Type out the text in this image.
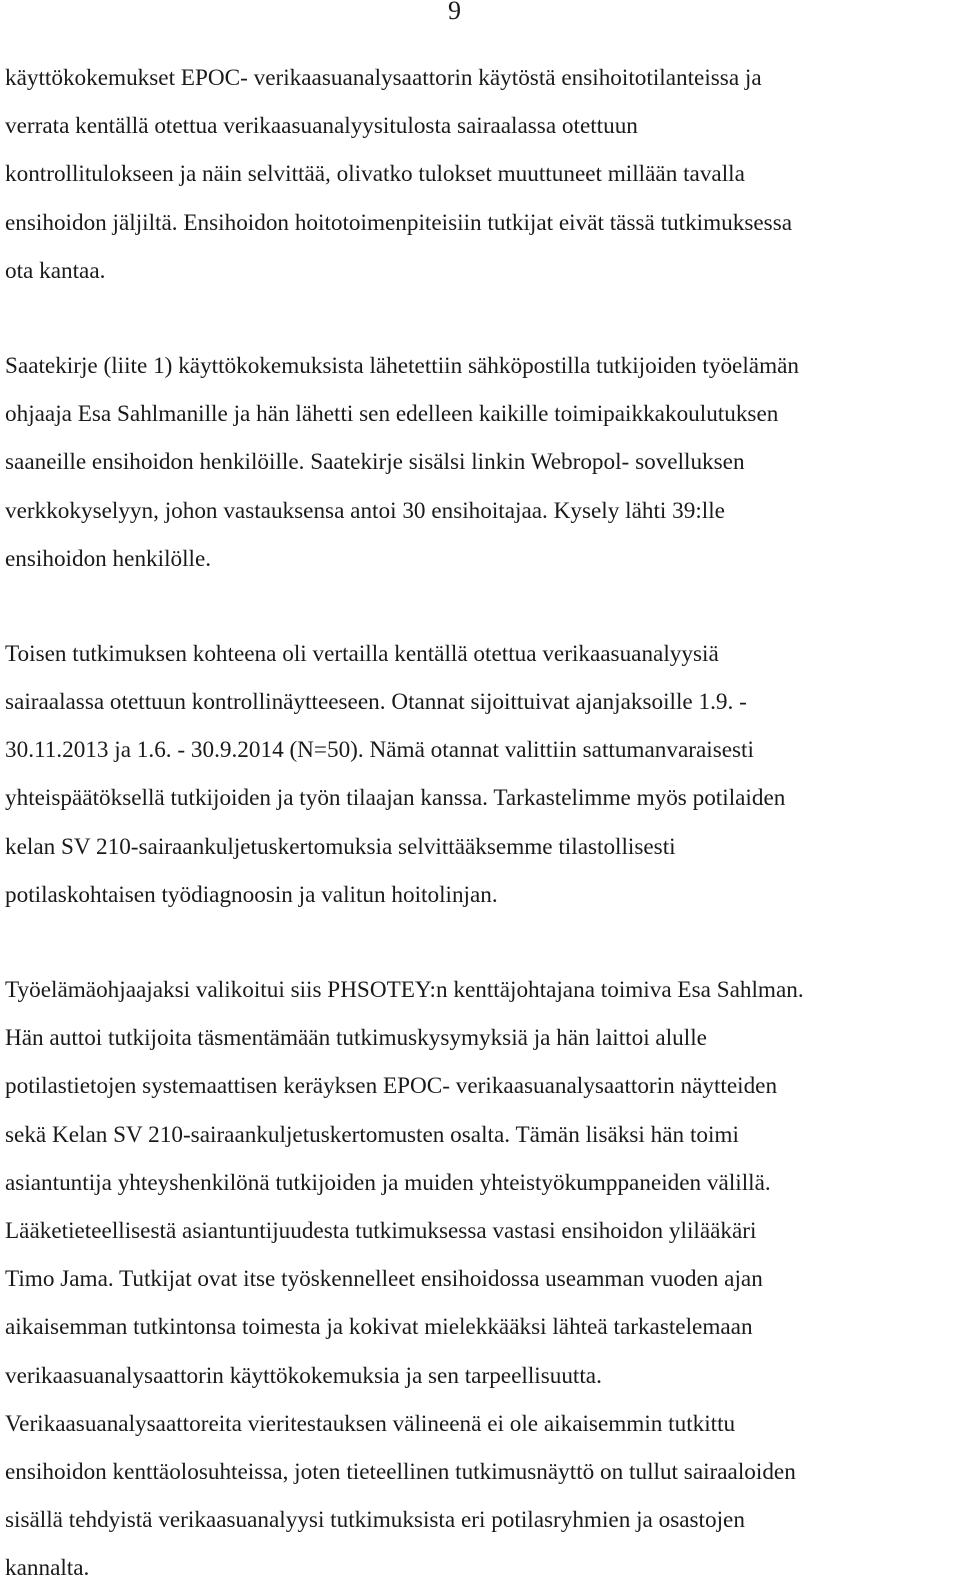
9

käyttökokemukset EPOC- verikaasuanalysaattorin käytöstä ensihoitotilanteissa ja
verrata kentällä otettua verikaasuanalyysitulosta sairaalassa otettuun
kontrollitulokseen ja näin selvittää, olivatko tulokset muuttuneet millään tavalla
ensihoidon jäljiltä. Ensihoidon hoitotoimenpiteisiin tutkijat eivät tässä tutkimuksessa
ota kantaa.

Saatekirje (liite 1) käyttökokemuksista lähetettiin sähköpostilla tutkijoiden työelämän
ohjaaja Esa Sahlmanille ja hän lähetti sen edelleen kaikille toimipaikkakoulutuksen
saaneille ensihoidon henkilöille. Saatekirje sisälsi linkin Webropol- sovelluksen
verkkokyselyyn, johon vastauksensa antoi 30 ensihoitajaa. Kysely lähti 39:lle
ensihoidon henkilölle.

Toisen tutkimuksen kohteena oli vertailla kentällä otettua verikaasuanalyysiä
sairaalassa otettuun kontrollinäytteeseen. Otannat sijoittuivat ajanjaksoille 1.9. -
30.11.2013 ja 1.6. - 30.9.2014 (N=50). Nämä otannat valittiin sattumanvaraisesti
yhteispäätöksellä tutkijoiden ja työn tilaajan kanssa. Tarkastelimme myös potilaiden
kelan SV 210-sairaankuljetuskertomuksia selvittääksemme tilastollisesti
potilaskohtaisen työdiagnoosin ja valitun hoitolinjan.

Työelämäohjaajaksi valikoitui siis PHSOTEY:n kenttäjohtajana toimiva Esa Sahlman.
Hän auttoi tutkijoita täsmentämään tutkimuskysymyksiä ja hän laittoi alulle
potilastietojen systemaattisen keräyksen EPOC- verikaasuanalysaattorin näytteiden
sekä Kelan SV 210-sairaankuljetuskertomusten osalta. Tämän lisäksi hän toimi
asiantuntija yhteyshenkilönä tutkijoiden ja muiden yhteistyökumppaneiden välillä.
Lääketieteellisestä asiantuntijuudesta tutkimuksessa vastasi ensihoidon ylilääkäri
Timo Jama. Tutkijat ovat itse työskennelleet ensihoidossa useamman vuoden ajan
aikaisemman tutkintonsa toimesta ja kokivat mielekkääksi lähteä tarkastelemaan
verikaasuanalysaattorin käyttökokemuksia ja sen tarpeellisuutta.
Verikaasuanalysaattoreita vieritestauksen välineenä ei ole aikaisemmin tutkittu
ensihoidon kenttäolosuhteissa, joten tieteellinen tutkimusnäyttö on tullut sairaaloiden
sisällä tehdyistä verikaasuanalyysi tutkimuksista eri potilasryhmien ja osastojen
kannalta.
